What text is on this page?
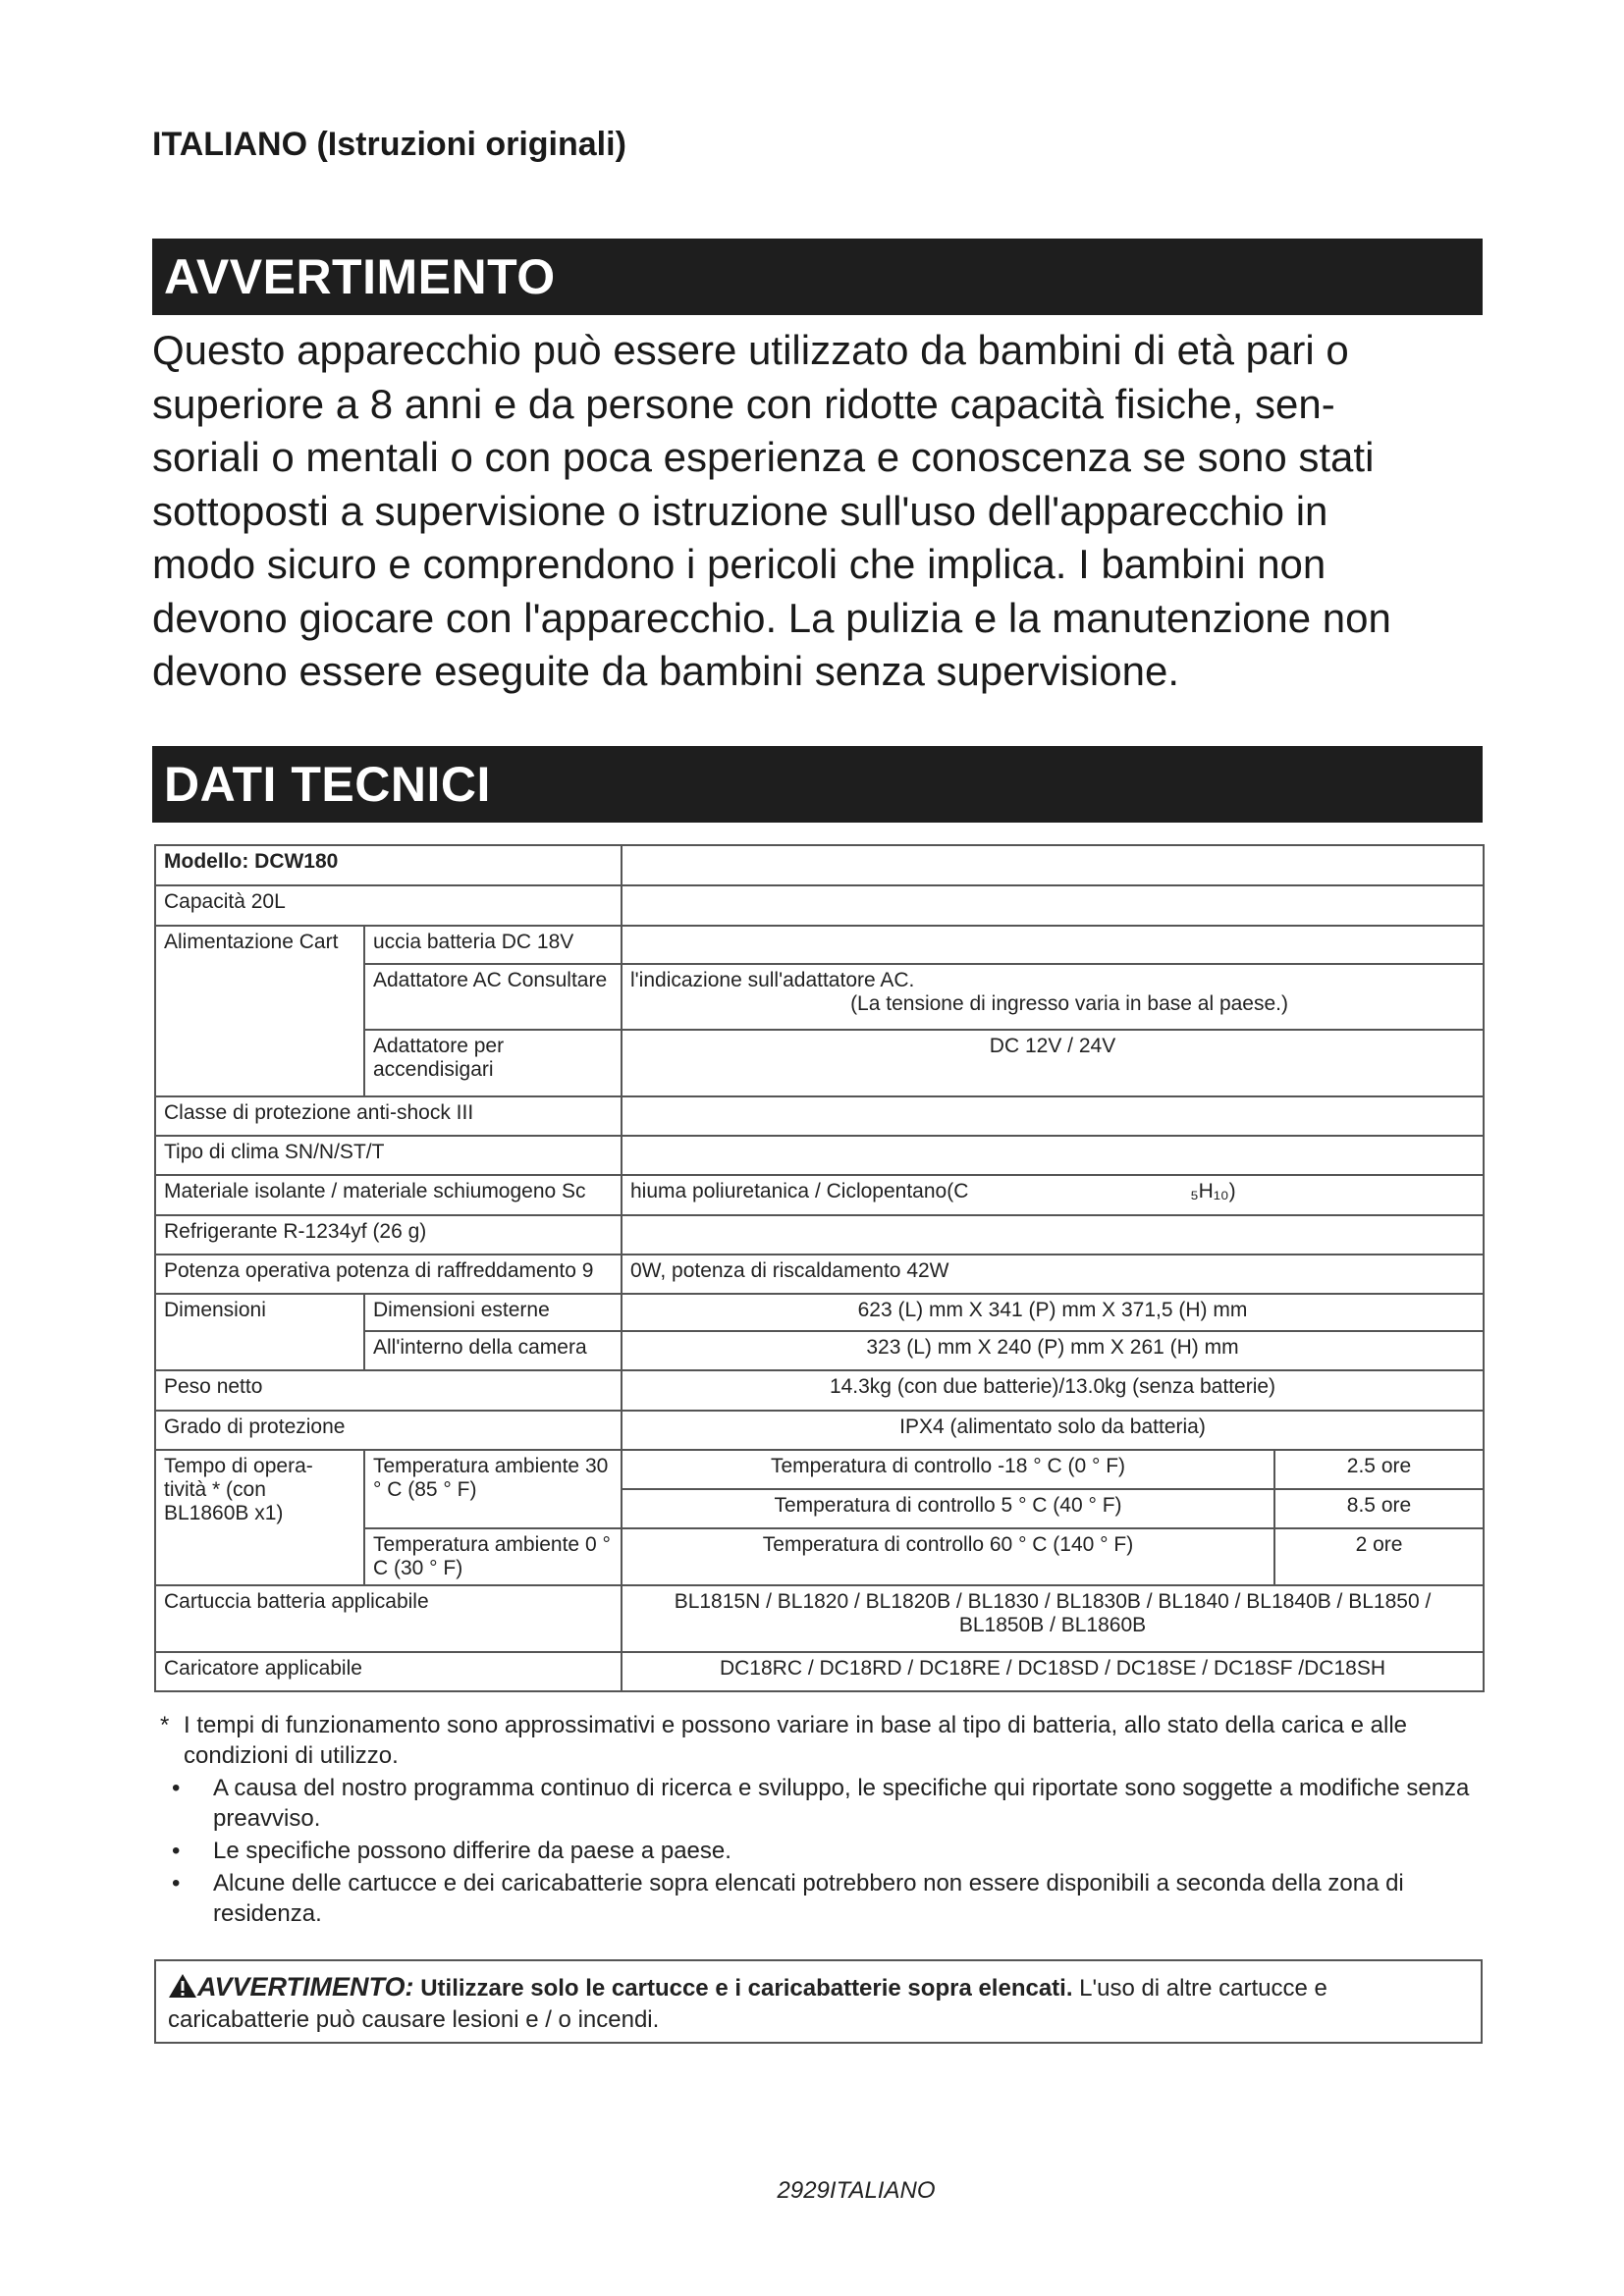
ITALIANO (Istruzioni originali)
AVVERTIMENTO
Questo apparecchio può essere utilizzato da bambini di età pari o
superiore a 8 anni e da persone con ridotte capacità fisiche, sen-
soriali o mentali o con poca esperienza e conoscenza se sono stati
sottoposti a supervisione o istruzione sull'uso dell'apparecchio in
modo sicuro e comprendono i pericoli che implica. I bambini non
devono giocare con l'apparecchio. La pulizia e la manutenzione non
devono essere eseguite da bambini senza supervisione.
DATI TECNICI
Modello: DCW180			
Capacità 20L			
Alimentazione Cart	uccia batteria DC 18V		
	Adattatore AC Consultare	l'indicazione sull'adattatore AC.
(La tensione di ingresso varia in base al paese.)	

	Adattatore per accendisigari	DC 12V / 24V	
Classe di protezione anti-shock III			
Tipo di clima SN/N/ST/T			
Materiale isolante / materiale schiumogeno Sc		hiuma poliuretanica / Ciclopentano(C ₅H₁₀)	
Refrigerante R-1234yf (26 g)			
Potenza operativa potenza di raffreddamento 9		0W, potenza di riscaldamento 42W	
Dimensioni	Dimensioni esterne	623 (L) mm X 341 (P) mm X 371,5 (H) mm	
	All'interno della camera	323 (L) mm X 240 (P) mm X 261 (H) mm	
Peso netto		14.3kg (con due batterie)/13.0kg (senza batterie)	
Grado di protezione		IPX4 (alimentato solo da batteria)	
Tempo di opera- tività * (con BL1860B x1)	Temperatura ambiente 30 ° C (85 ° F)	Temperatura di controllo -18 ° C (0 ° F)	2.5 ore
		Temperatura di controllo 5 ° C (40 ° F)	8.5 ore
	Temperatura ambiente 0 ° C (30 ° F)	Temperatura di controllo 60 ° C (140 ° F)	2 ore
Cartuccia batteria applicabile		BL1815N / BL1820 / BL1820B / BL1830 / BL1830B / BL1840 / BL1840B / BL1850 / BL1850B / BL1860B	
Caricatore applicabile		DC18RC / DC18RD / DC18RE / DC18SD / DC18SE / DC18SF /DC18SH	
* I tempi di funzionamento sono approssimativi e possono variare in base al tipo di batteria, allo stato della carica e alle condizioni di utilizzo.
• A causa del nostro programma continuo di ricerca e sviluppo, le specifiche qui riportate sono soggette a modifiche senza preavviso.
• Le specifiche possono differire da paese a paese.
• Alcune delle cartucce e dei caricabatterie sopra elencati potrebbero non essere disponibili a seconda della zona di residenza.
AVVERTIMENTO: Utilizzare solo le cartucce e i caricabatterie sopra elencati. L'uso di altre cartucce e caricabatterie può causare lesioni e / o incendi.
2929ITALIANO
